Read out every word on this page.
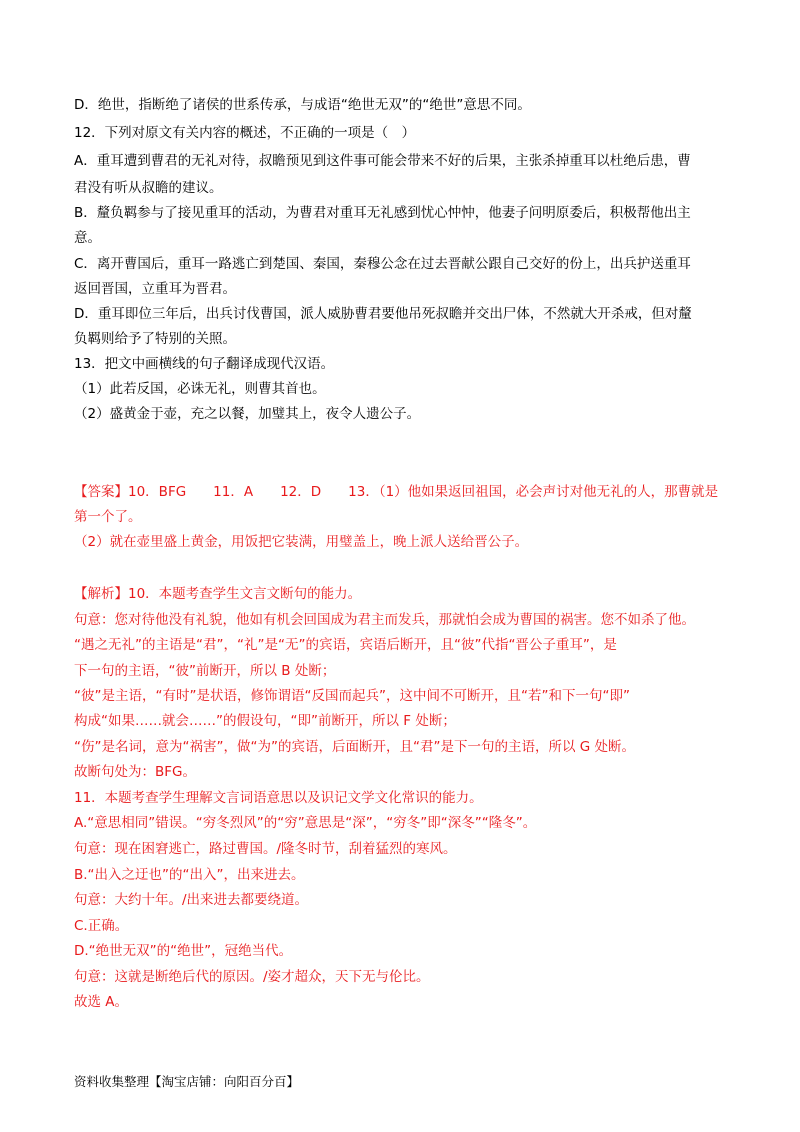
D．绝世，指断绝了诸侯的世系传承，与成语“绝世无双”的“绝世”意思不同。
12．下列对原文有关内容的概述，不正确的一项是（　）
A．重耳遭到曹君的无礼对待，叔瞻预见到这件事可能会带来不好的后果，主张杀掉重耳以杜绝后患，曹
君没有听从叔瞻的建议。
B．釐负羁参与了接见重耳的活动，为曹君对重耳无礼感到忧心忡忡，他妻子问明原委后，积极帮他出主
意。
C．离开曹国后，重耳一路逃亡到楚国、秦国，秦穆公念在过去晋献公跟自己交好的份上，出兵护送重耳
返回晋国，立重耳为晋君。
D．重耳即位三年后，出兵讨伐曹国，派人威胁曹君要他吊死叔瞻并交出尸体，不然就大开杀戒，但对釐
负羁则给予了特别的关照。
13．把文中画横线的句子翻译成现代汉语。
（1）此若反国，必诛无礼，则曹其首也。
（2）盛黄金于壶，充之以餐，加璧其上，夜令人遗公子。
【答案】10．BFG　　11．A　　12．D　　13．（1）他如果返回祖国，必会声讨对他无礼的人，那曹就是
第一个了。
（2）就在壶里盛上黄金，用饭把它装满，用璧盖上，晚上派人送给晋公子。
【解析】10．本题考查学生文言文断句的能力。
句意：您对待他没有礼貌，他如有机会回国成为君主而发兵，那就怕会成为曹国的祸害。您不如杀了他。
“遇之无礼”的主语是“君”，“礼”是“无”的宾语，宾语后断开，且“彼”代指“晋公子重耳”，是
下一句的主语，“彼”前断开，所以 B 处断；
“彼”是主语，“有时”是状语，修饰谓语“反国而起兵”，这中间不可断开，且“若”和下一句“即”
构成“如果……就会……”的假设句，“即”前断开，所以 F 处断；
“伤”是名词，意为“祸害”，做“为”的宾语，后面断开，且“君”是下一句的主语，所以 G 处断。
故断句处为：BFG。
11．本题考查学生理解文言词语意思以及识记文学文化常识的能力。
A.“意思相同”错误。“穷冬烈风”的“穷”意思是“深”，“穷冬”即“深冬”“隆冬”。
句意：现在困窘逃亡，路过曹国。/隆冬时节，刮着猛烈的寒风。
B.“出入之迂也”的“出入”，出来进去。
句意：大约十年。/出来进去都要绕道。
C.正确。
D.“绝世无双”的“绝世”，冠绝当代。
句意：这就是断绝后代的原因。/姿才超众，天下无与伦比。
故选 A。
资料收集整理【淘宝店铺：向阳百分百】
